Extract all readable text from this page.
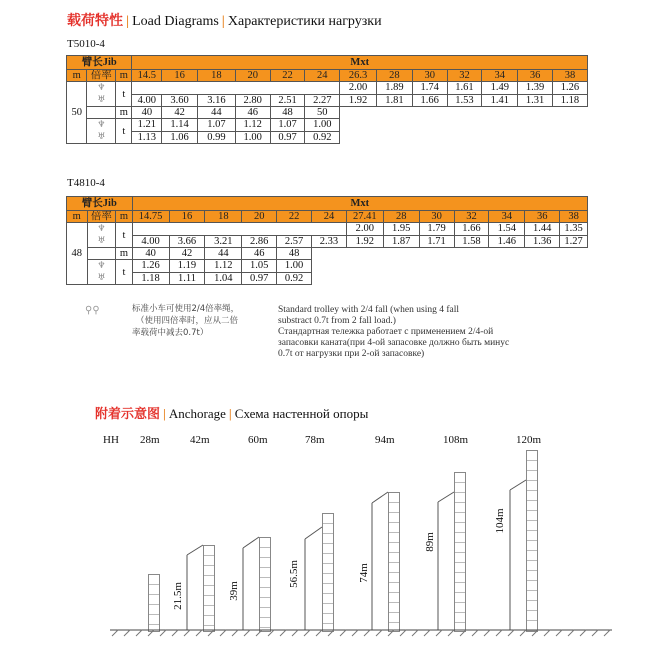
载荷特性 | Load Diagrams | Характеристики нагрузки
T5010-4
臂长Jib			Mxt												
m	倍率	m	14.5	16	18	20	22	24	26.3	28	30	32	34	36	38
50	♆	t							2.00	1.89	1.74	1.61	1.49	1.39	1.26
	♅		4.00	3.60	3.16	2.80	2.51	2.27	1.92	1.81	1.66	1.53	1.41	1.31	1.18
		m	40	42	44	46	48	50							
	♆	t	1.21	1.14	1.07	1.12	1.07	1.00							
	♅		1.13	1.06	0.99	1.00	0.97	0.92							
T4810-4
臂长Jib			Mxt												
m	倍率	m	14.75	16	18	20	22	24	27.41	28	30	32	34	36	38
48	♆	t							2.00	1.95	1.79	1.66	1.54	1.44	1.35
	♅		4.00	3.66	3.21	2.86	2.57	2.33	1.92	1.87	1.71	1.58	1.46	1.36	1.27
		m	40	42	44	46	48								
	♆	t	1.26	1.19	1.12	1.05	1.00								
	♅		1.18	1.11	1.04	0.97	0.92								
⚲⚲	标准小车可使用2/4倍率绳，
（使用四倍率时，应从二倍
率载荷中减去0.7t）
Standard trolley with 2/4 fall (when using 4 fall
substract 0.7t from 2 fall load.)
Стандартная тележка работает с применением 2/4-ой
запасовки каната(при 4-ой запасовке должно быть минус
0.7t от нагрузки при 2-ой запасовке)
附着示意图 | Anchorage | Схема настенной опоры
HH 28m	42m	60m	78m	94m	108m	120m
21.5m	39m
56.5m	74m
89m
104m
